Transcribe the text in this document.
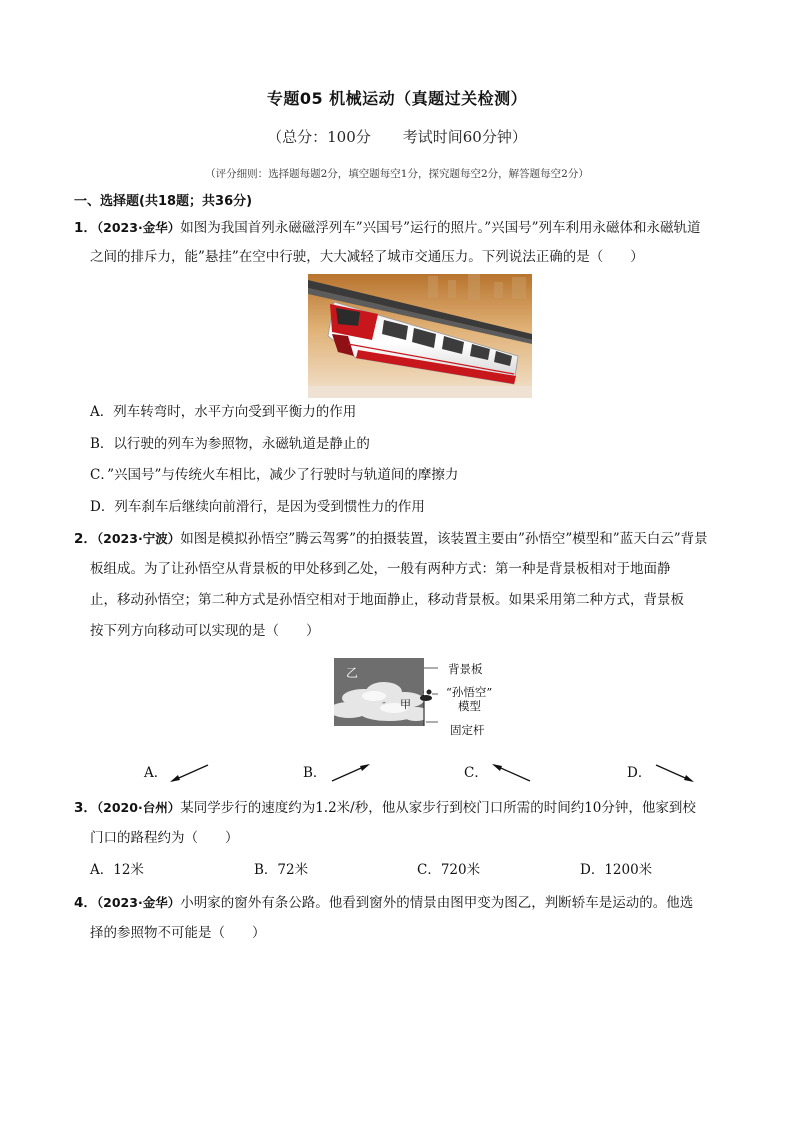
专题05 机械运动（真题过关检测）
（总分：100分 考试时间60分钟）
（评分细则：选择题每题2分，填空题每空1分，探究题每空2分，解答题每空2分）
一、选择题(共18题；共36分)
1．（2023·金华）如图为我国首列永磁磁浮列车”兴国号”运行的照片。”兴国号”列车利用永磁体和永磁轨道
之间的排斥力，能”悬挂”在空中行驶，大大减轻了城市交通压力。下列说法正确的是（　　）
A．列车转弯时，水平方向受到平衡力的作用
B．以行驶的列车为参照物，永磁轨道是静止的
C．”兴国号”与传统火车相比，减少了行驶时与轨道间的摩擦力
D．列车刹车后继续向前滑行，是因为受到惯性力的作用
2．（2023·宁波）如图是模拟孙悟空”腾云驾雾”的拍摄装置，该装置主要由”孙悟空”模型和”蓝天白云”背景
板组成。为了让孙悟空从背景板的甲处移到乙处，一般有两种方式：第一种是背景板相对于地面静
止，移动孙悟空；第二种方式是孙悟空相对于地面静止，移动背景板。如果采用第二种方式，背景板
按下列方向移动可以实现的是（　　）
乙
甲
背景板
“孙悟空”
模型
固定杆
A．	B．	C．	D．
3．（2020·台州）某同学步行的速度约为1.2米/秒，他从家步行到校门口所需的时间约10分钟，他家到校
门口的路程约为（　　）
A．12米	B．72米	C．720米	D．1200米
4．（2023·金华）小明家的窗外有条公路。他看到窗外的情景由图甲变为图乙，判断轿车是运动的。他选
择的参照物不可能是（　　）
